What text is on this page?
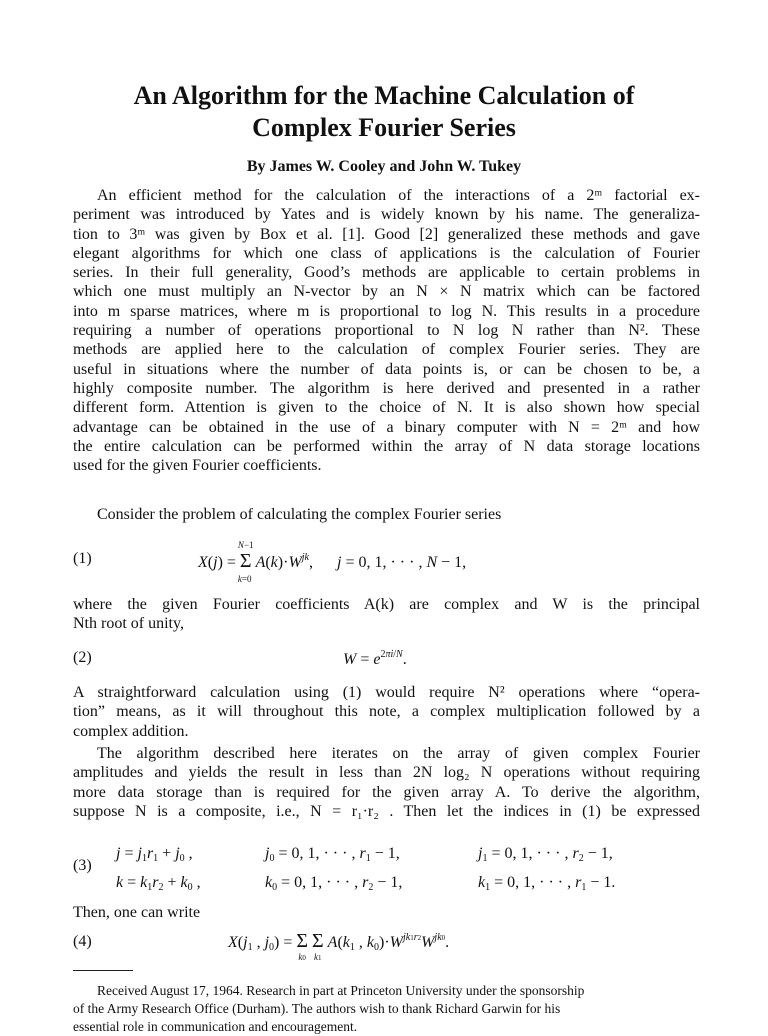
An Algorithm for the Machine Calculation of
Complex Fourier Series
By James W. Cooley and John W. Tukey
An efficient method for the calculation of the interactions of a 2ᵐ factorial ex-
periment was introduced by Yates and is widely known by his name. The generaliza-
tion to 3ᵐ was given by Box et al. [1]. Good [2] generalized these methods and gave
elegant algorithms for which one class of applications is the calculation of Fourier
series. In their full generality, Good’s methods are applicable to certain problems in
which one must multiply an N-vector by an N × N matrix which can be factored
into m sparse matrices, where m is proportional to log N. This results in a procedure
requiring a number of operations proportional to N log N rather than N². These
methods are applied here to the calculation of complex Fourier series. They are
useful in situations where the number of data points is, or can be chosen to be, a
highly composite number. The algorithm is here derived and presented in a rather
different form. Attention is given to the choice of N. It is also shown how special
advantage can be obtained in the use of a binary computer with N = 2ᵐ and how
the entire calculation can be performed within the array of N data storage locations
used for the given Fourier coefficients.
Consider the problem of calculating the complex Fourier series
(1)	X(j) = Σ
N−1
k=0
$A(k)\cdot W^{jk}$,      j = 0, 1, · · · , N − 1,
where the given Fourier coefficients A(k) are complex and W is the principal
Nth root of unity,
(2)	$W = e^{2\pi i/N}$.
A straightforward calculation using (1) would require N² operations where “opera-
tion” means, as it will throughout this note, a complex multiplication followed by a
complex addition.
The algorithm described here iterates on the array of given complex Fourier
amplitudes and yields the result in less than 2N log₂ N operations without requiring
more data storage than is required for the given array A. To derive the algorithm,
suppose N is a composite, i.e., N = r₁·r₂ . Then let the indices in (1) be expressed
(3)
$j = j_1r_1 + j_0$ ,	$j_0 = 0$, 1, · · · , $r_1 - 1$,	$j_1 = 0$, 1, · · · , $r_2 - 1$,
$k = k_1r_2 + k_0$ ,	$k_0 = 0$, 1, · · · , $r_2 - 1$,	$k_1 = 0$, 1, · · · , $r_1 - 1$.
Then, one can write
(4)	$X(j_1$ , $j_0) = \Sigma$
k0
Σ
k1
$A(k_1$ , $k_0)\cdot W^{jk1r2}W^{jk0}$.
Received August 17, 1964. Research in part at Princeton University under the sponsorship
of the Army Research Office (Durham). The authors wish to thank Richard Garwin for his
essential role in communication and encouragement.
